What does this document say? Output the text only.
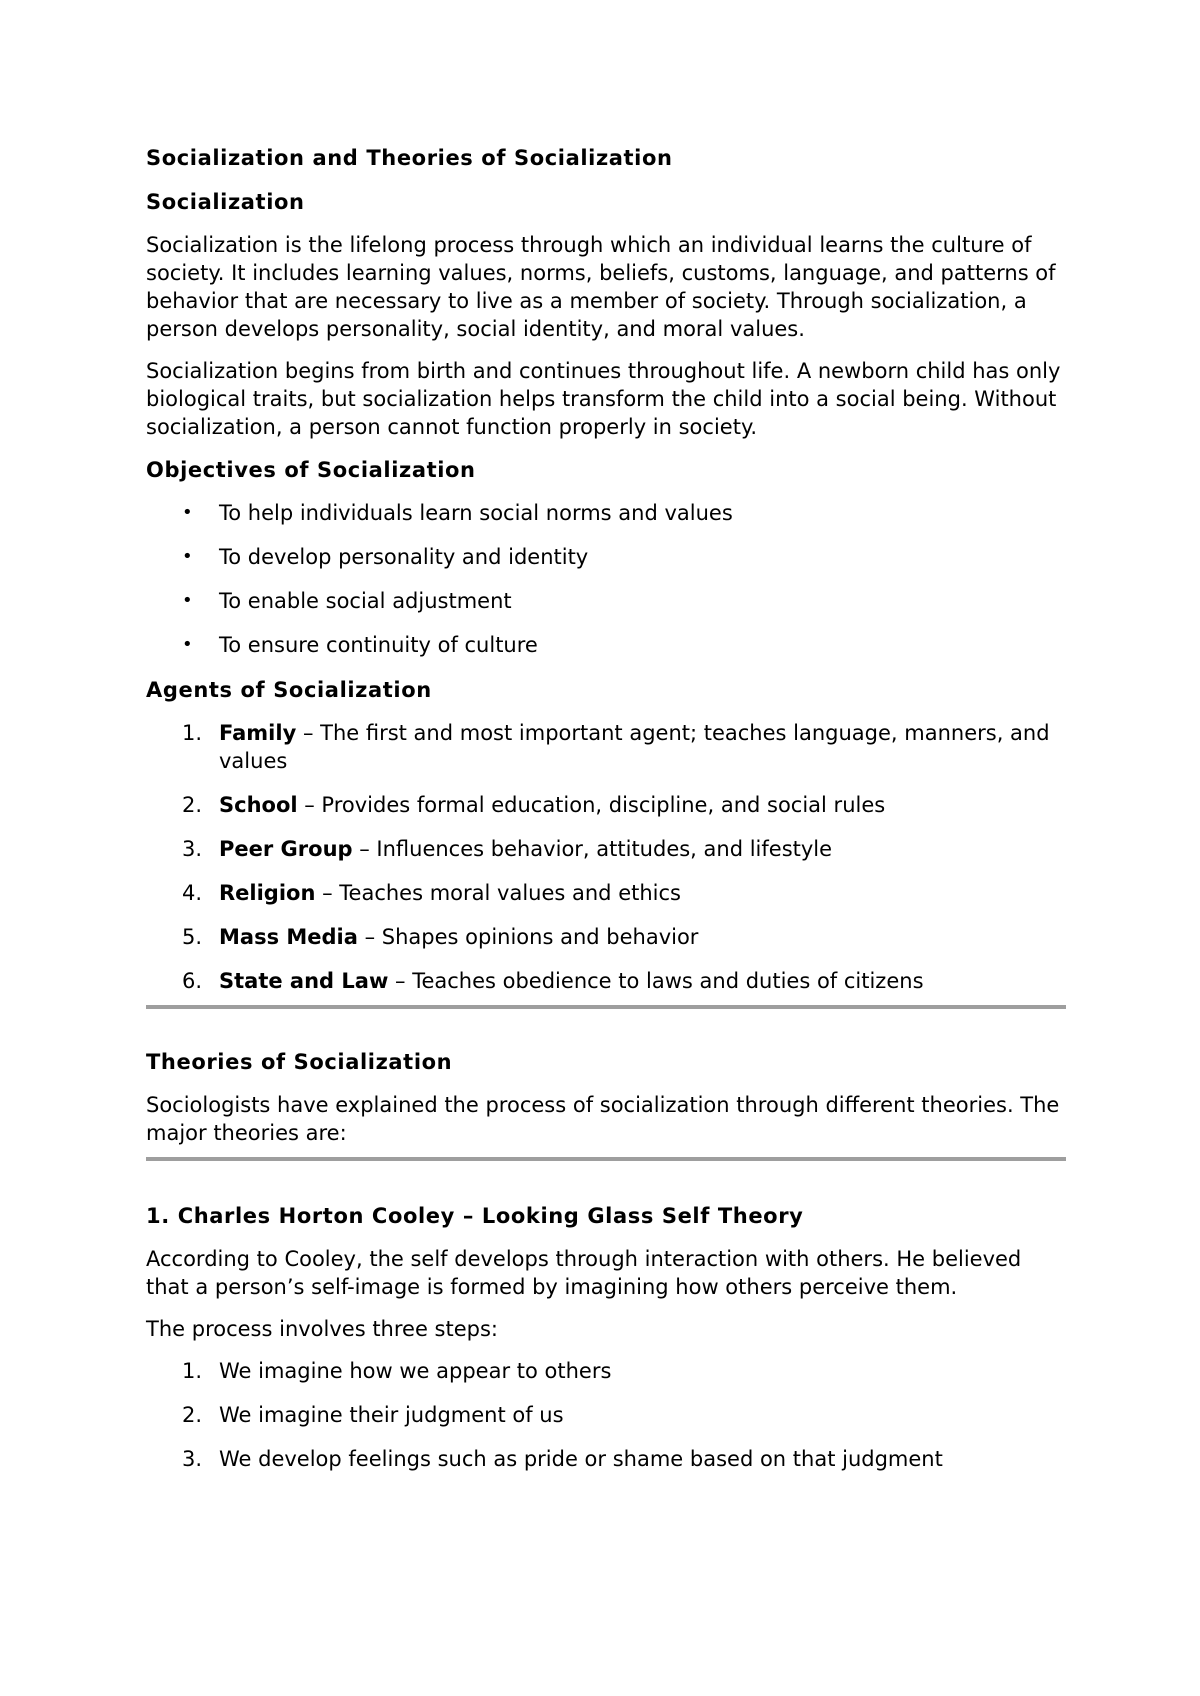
Socialization and Theories of Socialization
Socialization

Socialization is the lifelong process through which an individual learns the culture of society. It includes learning values, norms, beliefs, customs, language, and patterns of behavior that are necessary to live as a member of society. Through socialization, a person develops personality, social identity, and moral values.

Socialization begins from birth and continues throughout life. A newborn child has only biological traits, but socialization helps transform the child into a social being. Without socialization, a person cannot function properly in society.

Objectives of Socialization
• To help individuals learn social norms and values
• To develop personality and identity
• To enable social adjustment
• To ensure continuity of culture
Agents of Socialization
1. Family – The first and most important agent; teaches language, manners, and values
2. School – Provides formal education, discipline, and social rules
3. Peer Group – Influences behavior, attitudes, and lifestyle
4. Religion – Teaches moral values and ethics
5. Mass Media – Shapes opinions and behavior
6. State and Law – Teaches obedience to laws and duties of citizens
Theories of Socialization

Sociologists have explained the process of socialization through different theories. The major theories are:

1. Charles Horton Cooley – Looking Glass Self Theory

According to Cooley, the self develops through interaction with others. He believed that a person’s self-image is formed by imagining how others perceive them.

The process involves three steps:

1. We imagine how we appear to others
2. We imagine their judgment of us
3. We develop feelings such as pride or shame based on that judgment
